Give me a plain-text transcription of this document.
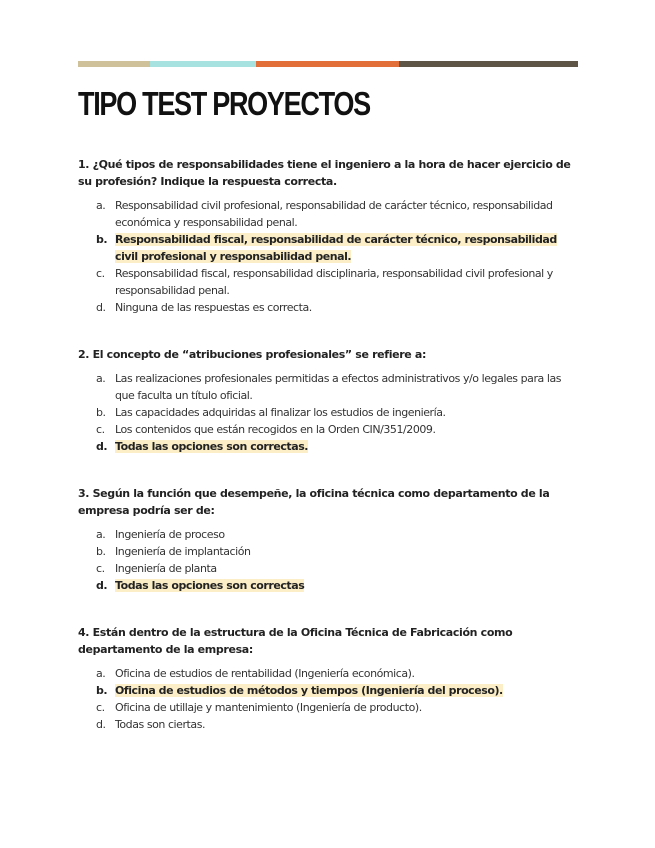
TIPO TEST PROYECTOS

1. ¿Qué tipos de responsabilidades tiene el ingeniero a la hora de hacer ejercicio de su profesión? Indique la respuesta correcta.

a. Responsabilidad civil profesional, responsabilidad de carácter técnico, responsabilidad económica y responsabilidad penal.
b. Responsabilidad fiscal, responsabilidad de carácter técnico, responsabilidad civil profesional y responsabilidad penal.
c. Responsabilidad fiscal, responsabilidad disciplinaria, responsabilidad civil profesional y responsabilidad penal.
d. Ninguna de las respuestas es correcta.

2. El concepto de “atribuciones profesionales” se refiere a:

a. Las realizaciones profesionales permitidas a efectos administrativos y/o legales para las que faculta un título oficial.
b. Las capacidades adquiridas al finalizar los estudios de ingeniería.
c. Los contenidos que están recogidos en la Orden CIN/351/2009.
d. Todas las opciones son correctas.

3. Según la función que desempeñe, la oficina técnica como departamento de la empresa podría ser de:

a. Ingeniería de proceso
b. Ingeniería de implantación
c. Ingeniería de planta
d. Todas las opciones son correctas

4. Están dentro de la estructura de la Oficina Técnica de Fabricación como departamento de la empresa:

a. Oficina de estudios de rentabilidad (Ingeniería económica).
b. Oficina de estudios de métodos y tiempos (Ingeniería del proceso).
c. Oficina de utillaje y mantenimiento (Ingeniería de producto).
d. Todas son ciertas.
